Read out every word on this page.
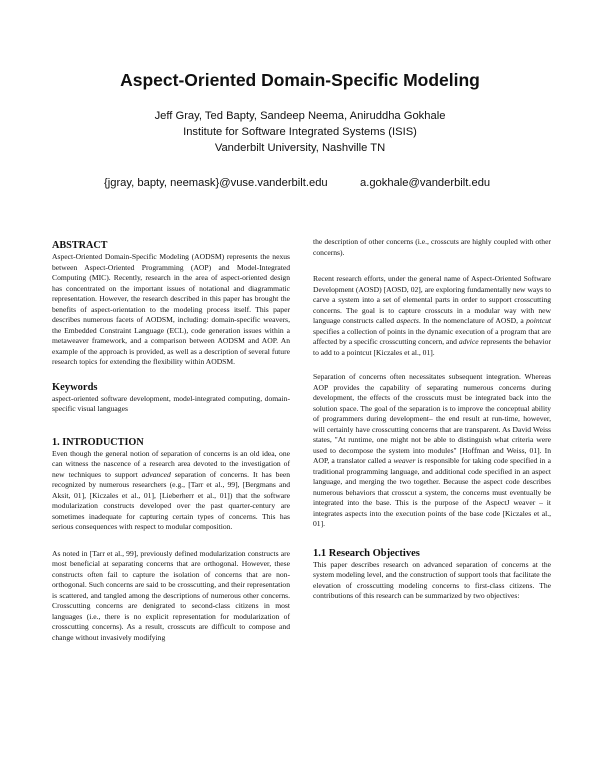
Aspect-Oriented Domain-Specific Modeling
Jeff Gray, Ted Bapty, Sandeep Neema, Aniruddha Gokhale
Institute for Software Integrated Systems (ISIS)
Vanderbilt University, Nashville TN
{jgray, bapty, neemask}@vuse.vanderbilt.edu	a.gokhale@vanderbilt.edu
ABSTRACT

Aspect-Oriented Domain-Specific Modeling (AODSM) represents the nexus between Aspect-Oriented Programming (AOP) and Model-Integrated Computing (MIC). Recently, research in the area of aspect-oriented design has concentrated on the important issues of notational and diagrammatic representation. However, the research described in this paper has brought the benefits of aspect-orientation to the modeling process itself. This paper describes numerous facets of AODSM, including: domain-specific weavers, the Embedded Constraint Language (ECL), code generation issues within a metaweaver framework, and a comparison between AODSM and AOP. An example of the approach is provided, as well as a description of several future research topics for extending the flexibility within AODSM.

Keywords

aspect-oriented software development, model-integrated computing, domain-specific visual languages

1. INTRODUCTION

Even though the general notion of separation of concerns is an old idea, one can witness the nascence of a research area devoted to the investigation of new techniques to support advanced separation of concerns. It has been recognized by numerous researchers (e.g., [Tarr et al., 99], [Bergmans and Aksit, 01], [Kiczales et al., 01], [Lieberherr et al., 01]) that the software modularization constructs developed over the past quarter-century are sometimes inadequate for capturing certain types of concerns. This has serious consequences with respect to modular composition.

As noted in [Tarr et al., 99], previously defined modularization constructs are most beneficial at separating concerns that are orthogonal. However, these constructs often fail to capture the isolation of concerns that are non-orthogonal. Such concerns are said to be crosscutting, and their representation is scattered, and tangled among the descriptions of numerous other concerns. Crosscutting concerns are denigrated to second-class citizens in most languages (i.e., there is no explicit representation for modularization of crosscutting concerns). As a result, crosscuts are difficult to compose and change without invasively modifying

the description of other concerns (i.e., crosscuts are highly coupled with other concerns).

Recent research efforts, under the general name of Aspect-Oriented Software Development (AOSD) [AOSD, 02], are exploring fundamentally new ways to carve a system into a set of elemental parts in order to support crosscutting concerns. The goal is to capture crosscuts in a modular way with new language constructs called aspects. In the nomenclature of AOSD, a pointcut specifies a collection of points in the dynamic execution of a program that are affected by a specific crosscutting concern, and advice represents the behavior to add to a pointcut [Kiczales et al., 01].

Separation of concerns often necessitates subsequent integration. Whereas AOP provides the capability of separating numerous concerns during development, the effects of the crosscuts must be integrated back into the solution space. The goal of the separation is to improve the conceptual ability of programmers during development– the end result at run-time, however, will certainly have crosscutting concerns that are transparent. As David Weiss states, "At runtime, one might not be able to distinguish what criteria were used to decompose the system into modules" [Hoffman and Weiss, 01]. In AOP, a translator called a weaver is responsible for taking code specified in a traditional programming language, and additional code specified in an aspect language, and merging the two together. Because the aspect code describes numerous behaviors that crosscut a system, the concerns must eventually be integrated into the base. This is the purpose of the AspectJ weaver – it integrates aspects into the execution points of the base code [Kiczales et al., 01].

1.1 Research Objectives

This paper describes research on advanced separation of concerns at the system modeling level, and the construction of support tools that facilitate the elevation of crosscutting modeling concerns to first-class citizens. The contributions of this research can be summarized by two objectives:
